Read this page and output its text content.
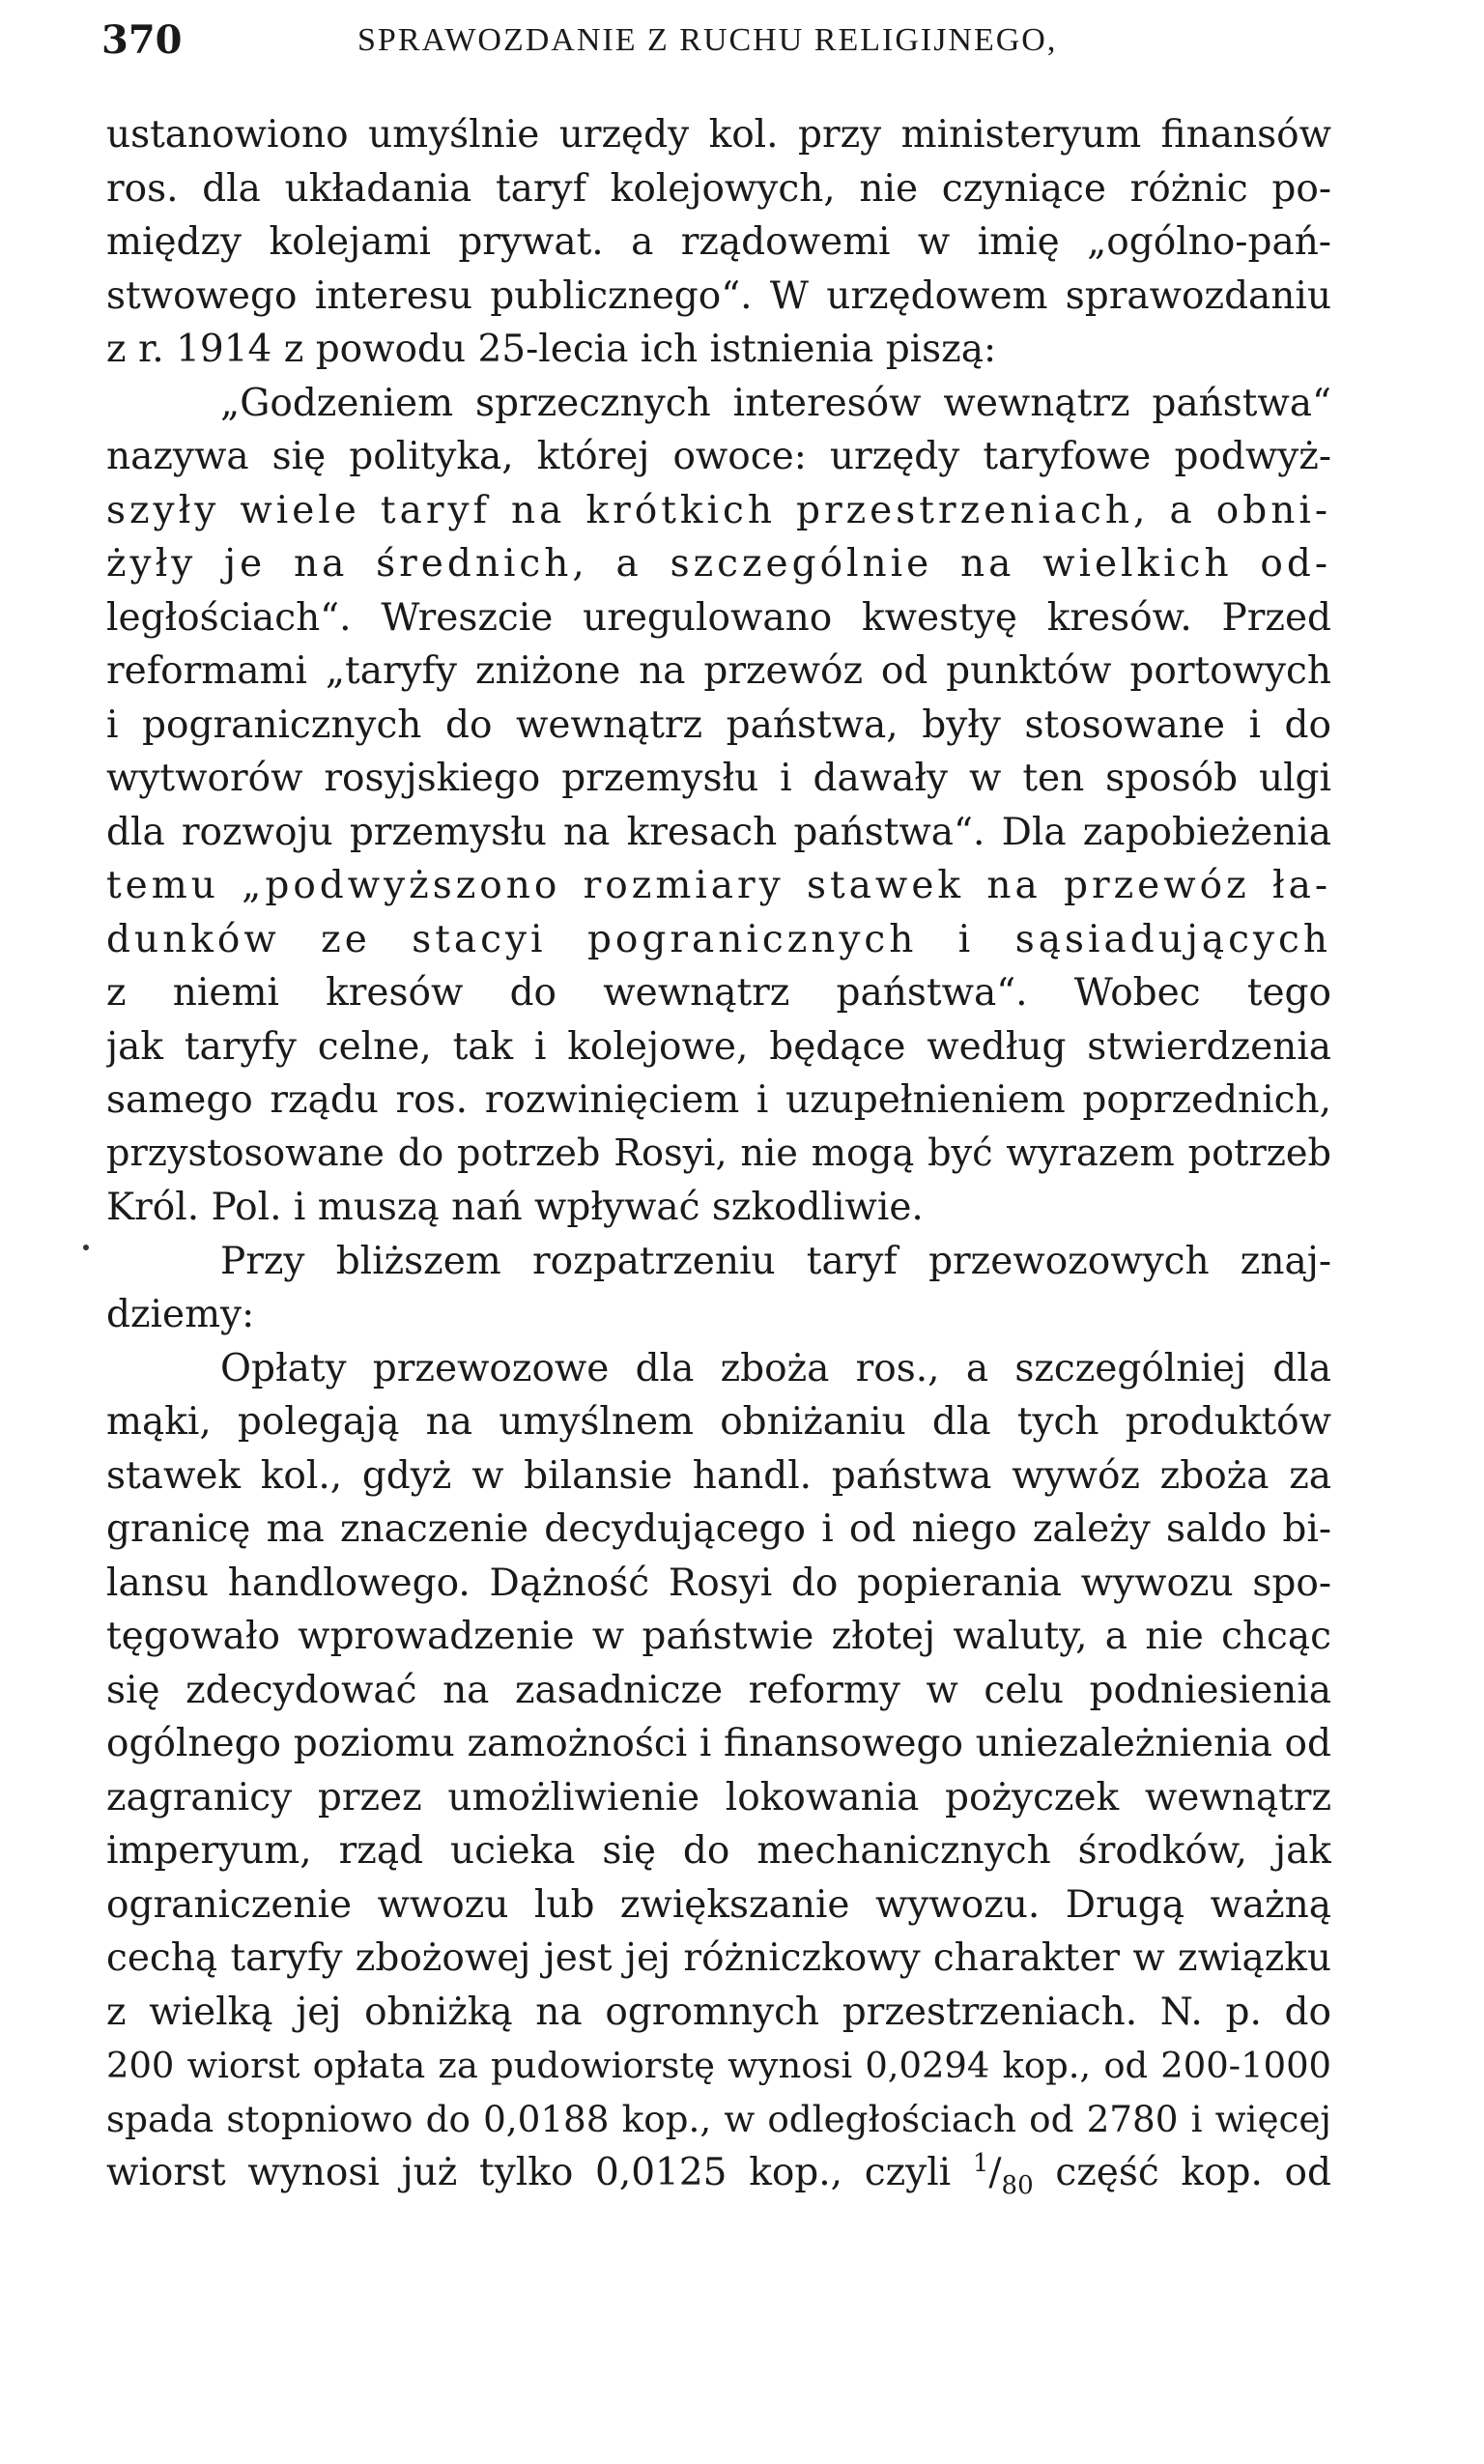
370	SPRAWOZDANIE Z RUCHU RELIGIJNEGO,
ustanowiono umyślnie urzędy kol. przy ministeryum finansów
ros. dla układania taryf kolejowych, nie czyniące różnic po-
między kolejami prywat. a rządowemi w imię „ogólno-pań-
stwowego interesu publicznego“. W urzędowem sprawozdaniu
z r. 1914 z powodu 25-lecia ich istnienia piszą:
„Godzeniem sprzecznych interesów wewnątrz państwa“
nazywa się polityka, której owoce: urzędy taryfowe podwyż-
szyły wiele taryf na krótkich przestrzeniach, a obni-
żyły je na średnich, a szczególnie na wielkich od-
ległościach“. Wreszcie uregulowano kwestyę kresów. Przed
reformami „taryfy zniżone na przewóz od punktów portowych
i pogranicznych do wewnątrz państwa, były stosowane i do
wytworów rosyjskiego przemysłu i dawały w ten sposób ulgi
dla rozwoju przemysłu na kresach państwa“. Dla zapobieżenia
temu „podwyższono rozmiary stawek na przewóz ła-
dunków ze stacyi pogranicznych i sąsiadujących
z niemi kresów do wewnątrz państwa“. Wobec tego
jak taryfy celne, tak i kolejowe, będące według stwierdzenia
samego rządu ros. rozwinięciem i uzupełnieniem poprzednich,
przystosowane do potrzeb Rosyi, nie mogą być wyrazem potrzeb
Król. Pol. i muszą nań wpływać szkodliwie.
Przy bliższem rozpatrzeniu taryf przewozowych znaj-
dziemy:
Opłaty przewozowe dla zboża ros., a szczególniej dla
mąki, polegają na umyślnem obniżaniu dla tych produktów
stawek kol., gdyż w bilansie handl. państwa wywóz zboża za
granicę ma znaczenie decydującego i od niego zależy saldo bi-
lansu handlowego. Dążność Rosyi do popierania wywozu spo-
tęgowało wprowadzenie w państwie złotej waluty, a nie chcąc
się zdecydować na zasadnicze reformy w celu podniesienia
ogólnego poziomu zamożności i finansowego uniezależnienia od
zagranicy przez umożliwienie lokowania pożyczek wewnątrz
imperyum, rząd ucieka się do mechanicznych środków, jak
ograniczenie wwozu lub zwiększanie wywozu. Drugą ważną
cechą taryfy zbożowej jest jej różniczkowy charakter w związku
z wielką jej obniżką na ogromnych przestrzeniach. N. p. do
200 wiorst opłata za pudowiorstę wynosi 0,0294 kop., od 200-1000
spada stopniowo do 0,0188 kop., w odległościach od 2780 i więcej
wiorst wynosi już tylko 0,0125 kop., czyli $^1/_{80}$ część kop. od
